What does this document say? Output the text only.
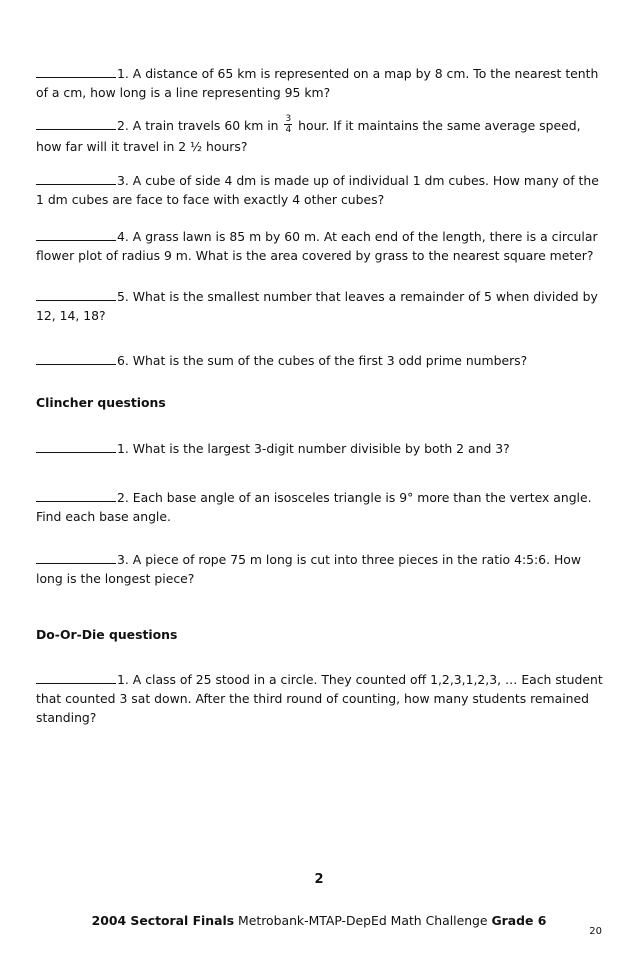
1. A distance of 65 km is represented on a map by 8 cm. To the nearest tenth of a cm, how long is a line representing 95 km?
2. A train travels 60 km in $\frac{3}{4}$ hour. If it maintains the same average speed, how far will it travel in 2 ½ hours?
3. A cube of side 4 dm is made up of individual 1 dm cubes. How many of the 1 dm cubes are face to face with exactly 4 other cubes?
4. A grass lawn is 85 m by 60 m. At each end of the length, there is a circular flower plot of radius 9 m. What is the area covered by grass to the nearest square meter?
5. What is the smallest number that leaves a remainder of 5 when divided by 12, 14, 18?
6. What is the sum of the cubes of the first 3 odd prime numbers?
Clincher questions
1. What is the largest 3-digit number divisible by both 2 and 3?
2. Each base angle of an isosceles triangle is 9° more than the vertex angle. Find each base angle.
3. A piece of rope 75 m long is cut into three pieces in the ratio 4:5:6. How long is the longest piece?
Do-Or-Die questions
1. A class of 25 stood in a circle. They counted off 1,2,3,1,2,3, … Each student that counted 3 sat down. After the third round of counting, how many students remained standing?
2
2004 Sectoral Finals Metrobank-MTAP-DepEd Math Challenge Grade 6
20
